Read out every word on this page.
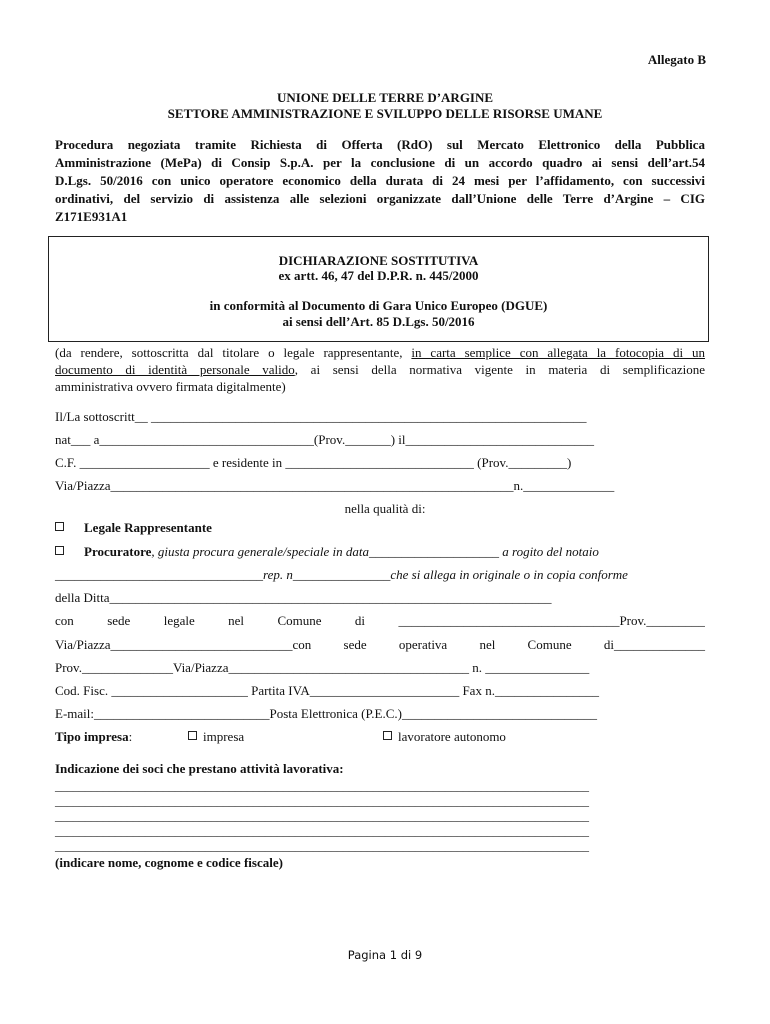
Allegato B
UNIONE DELLE TERRE D’ARGINE
SETTORE AMMINISTRAZIONE E SVILUPPO DELLE RISORSE UMANE
Procedura negoziata tramite Richiesta di Offerta (RdO) sul Mercato Elettronico della Pubblica
Amministrazione (MePa) di Consip S.p.A. per la conclusione di un accordo quadro ai sensi dell’art.54
D.Lgs. 50/2016 con unico operatore economico della durata di 24 mesi per l’affidamento, con successivi
ordinativi, del servizio di assistenza alle selezioni organizzate dall’Unione delle Terre d’Argine – CIG
Z171E931A1
DICHIARAZIONE SOSTITUTIVA
ex artt. 46, 47 del D.P.R. n. 445/2000
in conformità al Documento di Gara Unico Europeo (DGUE)
ai sensi dell’Art. 85 D.Lgs. 50/2016
(da rendere, sottoscritta dal titolare o legale rappresentante, in carta semplice con allegata la fotocopia di un
documento di identità personale valido, ai sensi della normativa vigente in materia di semplificazione
amministrativa ovvero firmata digitalmente)
Il/La sottoscritt__ ___________________________________________________________________
nat___ a_________________________________(Prov._______) il_____________________________
C.F. ____________________ e residente in _____________________________ (Prov._________)
Via/Piazza______________________________________________________________n.______________
nella qualità di:
Legale Rappresentante
Procuratore, giusta procura generale/speciale in data____________________ a rogito del notaio
________________________________rep. n_______________che si allega in originale o in copia conforme
della Ditta____________________________________________________________________
con	sede	legale	nel	Comune	di	__________________________________Prov._________
Via/Piazza____________________________con sede operativa nel Comune di______________
Prov.______________Via/Piazza_____________________________________ n. ________________
Cod. Fisc. _____________________ Partita IVA_______________________ Fax n.________________
E-mail:___________________________Posta Elettronica (P.E.C.)______________________________
Tipo impresa:	impresa	lavoratore autonomo
Indicazione dei soci che prestano attività lavorativa:
_________________________________________________________________________________________
_________________________________________________________________________________________
_________________________________________________________________________________________
_________________________________________________________________________________________
_________________________________________________________________________________________
(indicare nome, cognome e codice fiscale)
Pagina 1 di 9
